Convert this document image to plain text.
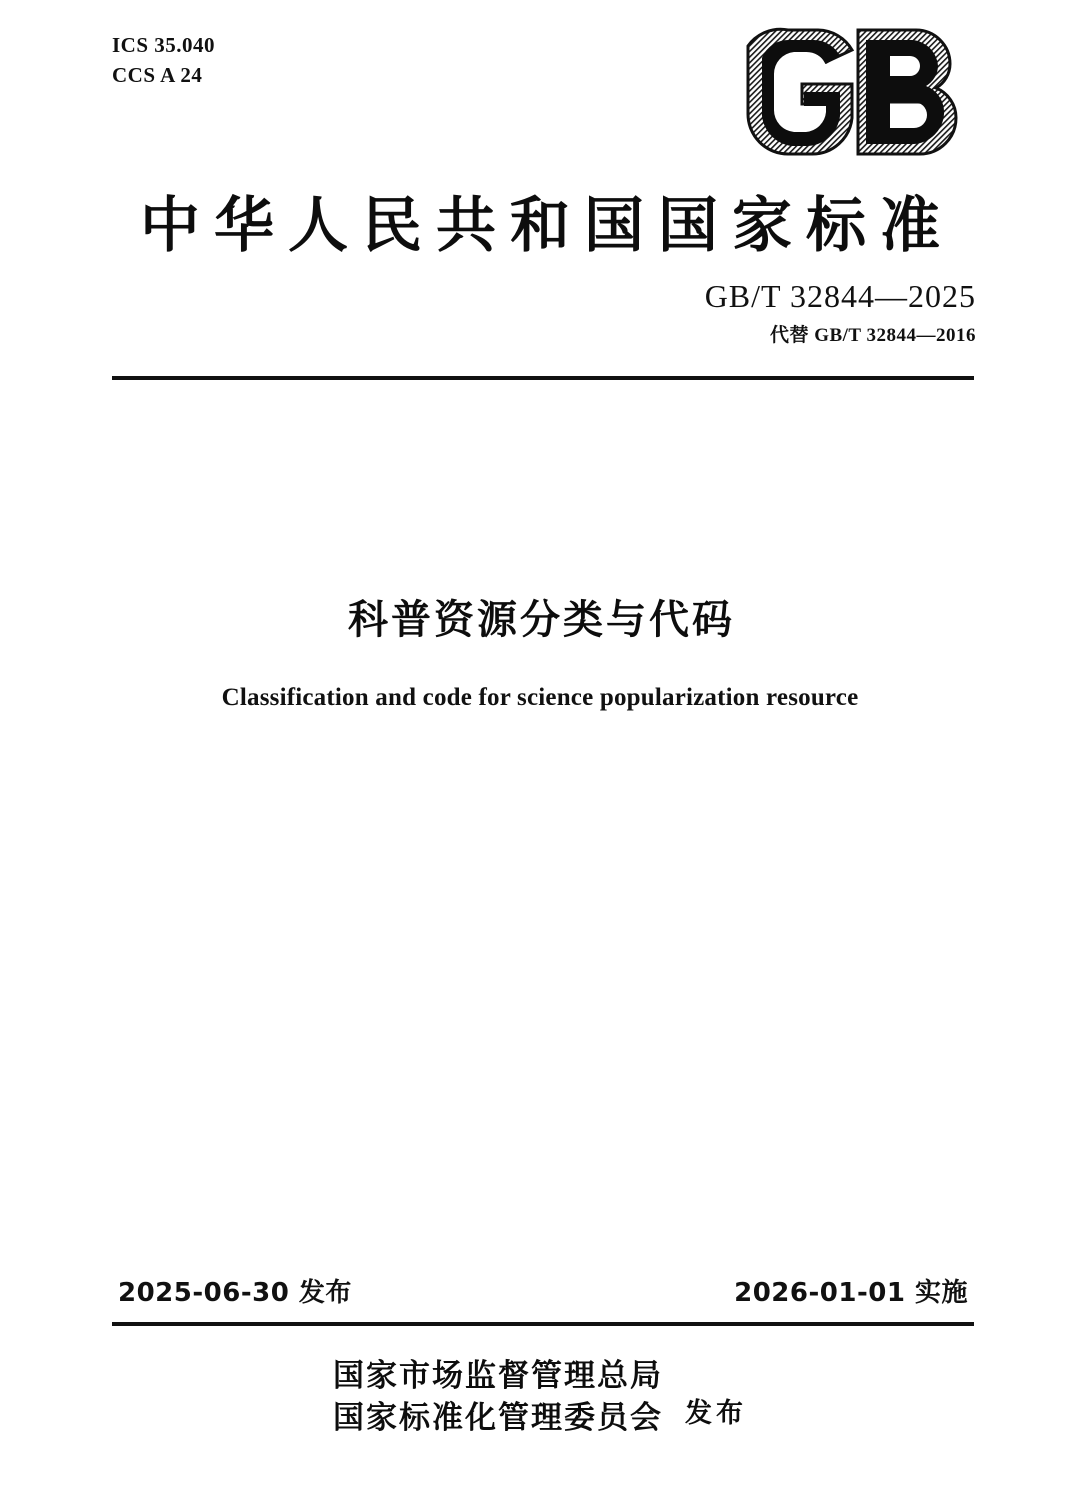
ICS 35.040
CCS A 24
中华人民共和国国家标准
GB/T 32844—2025
代替 GB/T 32844—2016
科普资源分类与代码
Classification and code for science popularization resource
2025-06-30 发布	2026-01-01 实施
国家市场监督管理总局
国家标准化管理委员会 发布
